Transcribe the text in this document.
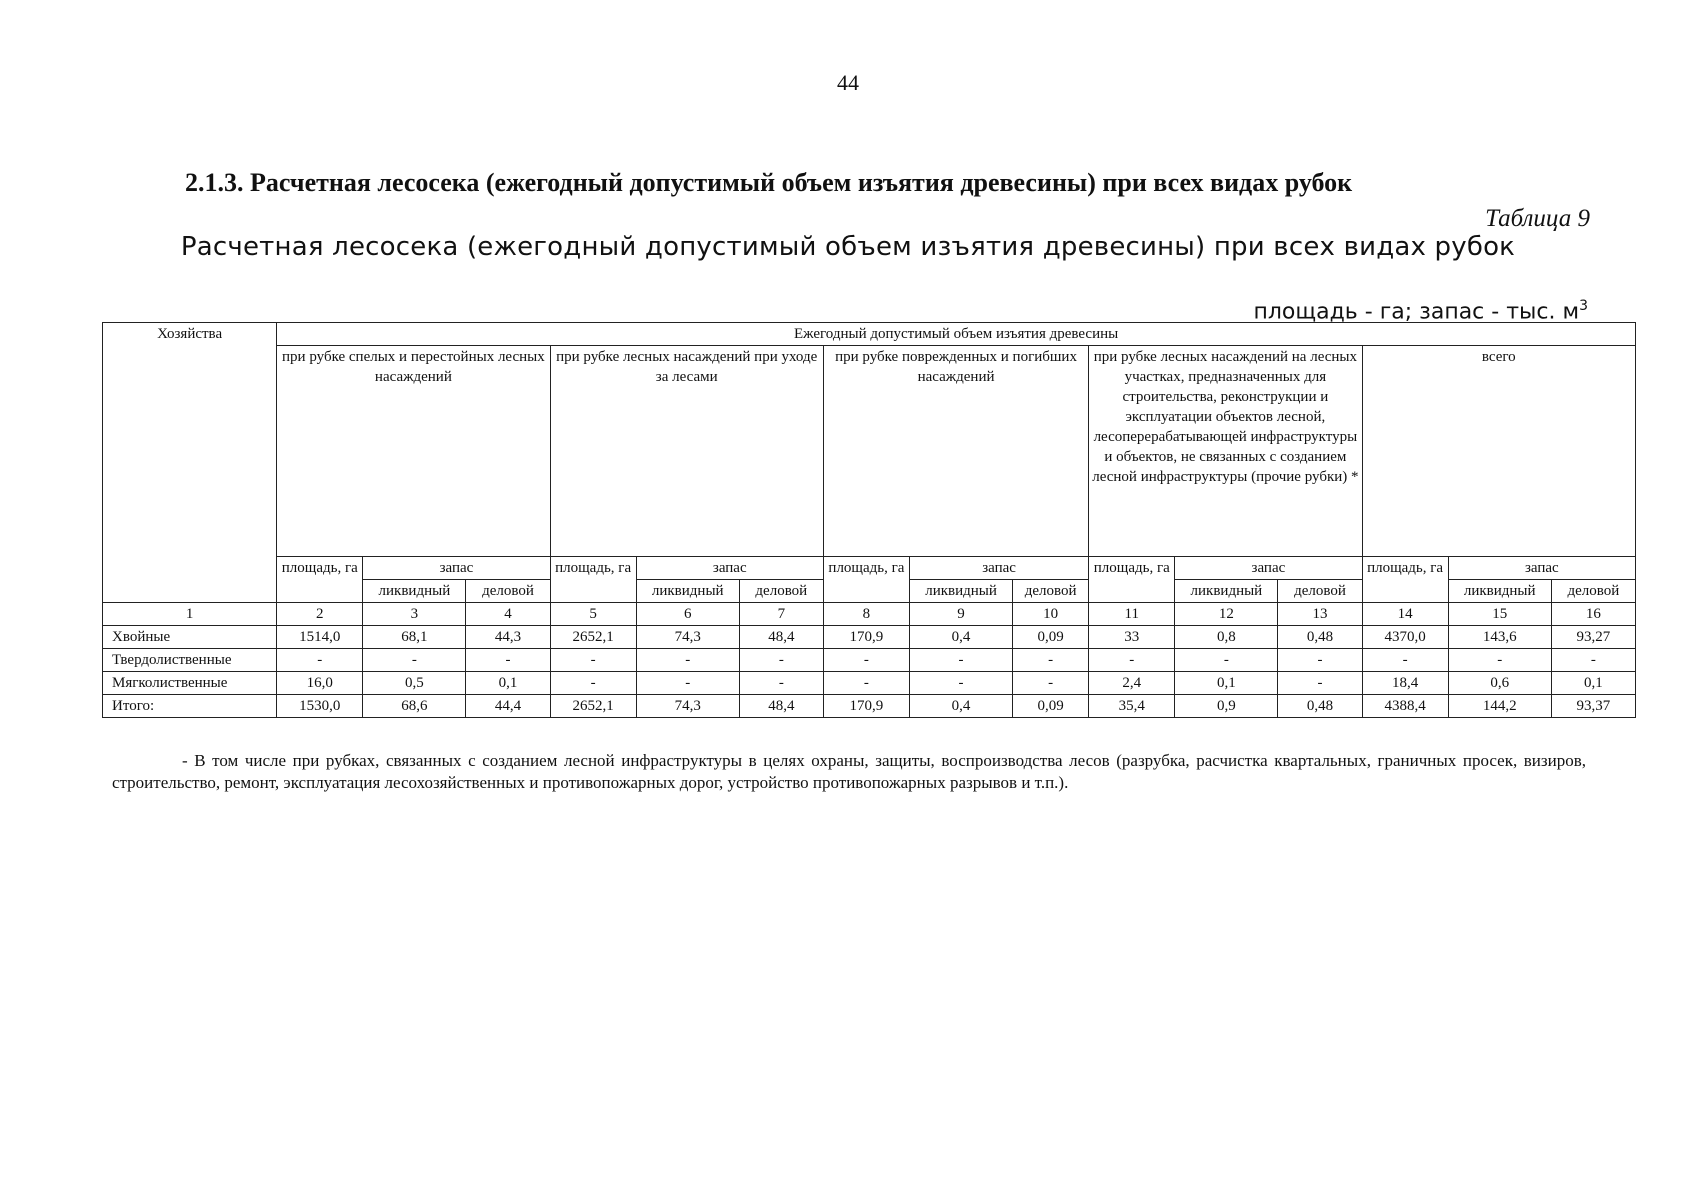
44
2.1.3. Расчетная лесосека (ежегодный допустимый объем изъятия древесины) при всех видах рубок
Таблица 9
Расчетная лесосека (ежегодный допустимый объем изъятия древесины) при всех видах рубок
площадь - га; запас - тыс. $м^3$
Хозяйства	Ежегодный допустимый объем изъятия древесины														
	при рубке спелых и перестойных лесных насаждений			при рубке лесных насаждений при уходе за лесами			при рубке поврежденных и погибших насаждений			при рубке лесных насаждений на лесных участках, предназначенных для строительства, реконструкции и эксплуатации объектов лесной, лесоперерабатывающей инфраструктуры и объектов, не связанных с созданием лесной инфраструктуры (прочие рубки) *			всего		
	площадь, га	запас		площадь, га	запас		площадь, га	запас		площадь, га	запас		площадь, га	запас	
		ликвидный	деловой		ликвидный	деловой		ликвидный	деловой		ликвидный	деловой		ликвидный	деловой
1	2	3	4	5	6	7	8	9	10	11	12	13	14	15	16
Хвойные	1514,0	68,1	44,3	2652,1	74,3	48,4	170,9	0,4	0,09	33	0,8	0,48	4370,0	143,6	93,27
Твердолиственные	-	-	-	-	-	-	-	-	-	-	-	-	-	-	-
Мягколиственные	16,0	0,5	0,1	-	-	-	-	-	-	2,4	0,1	-	18,4	0,6	0,1
Итого:	1530,0	68,6	44,4	2652,1	74,3	48,4	170,9	0,4	0,09	35,4	0,9	0,48	4388,4	144,2	93,37
- В том числе при рубках, связанных с созданием лесной инфраструктуры в целях охраны, защиты, воспроизводства лесов (разрубка, расчистка квартальных, граничных просек, визиров, строительство, ремонт, эксплуатация лесохозяйственных и противопожарных дорог, устройство противопожарных разрывов и т.п.).
